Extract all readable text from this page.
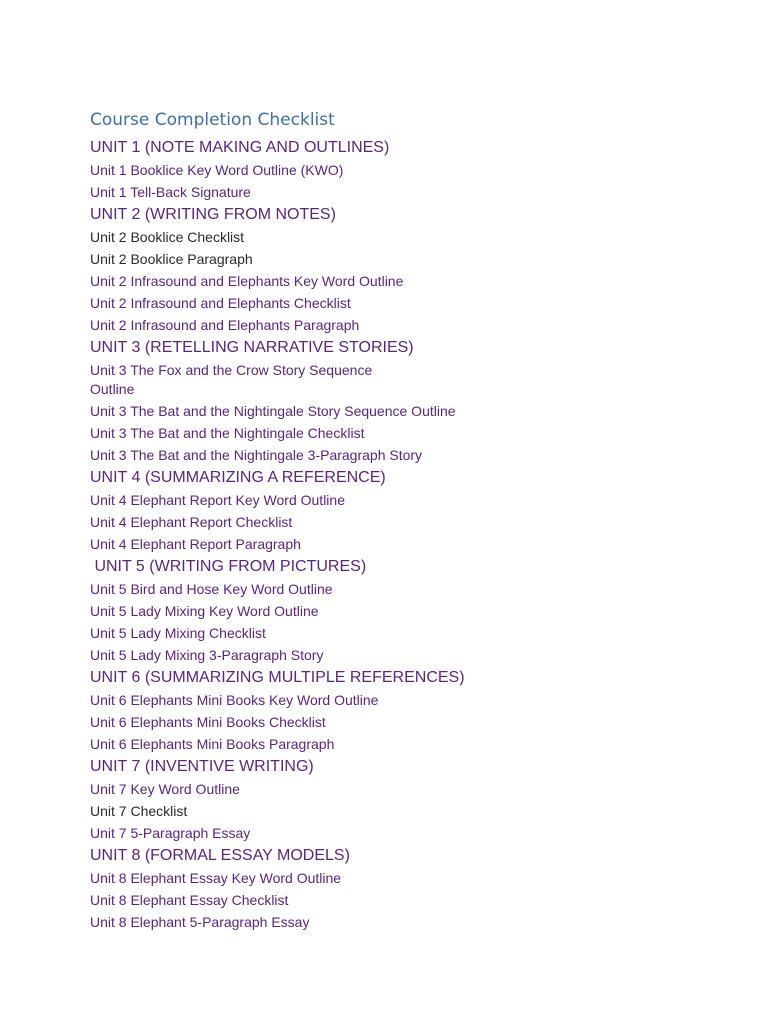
Course Completion Checklist
UNIT 1 (NOTE MAKING AND OUTLINES)
Unit 1 Booklice Key Word Outline (KWO)
Unit 1 Tell-Back Signature
UNIT 2 (WRITING FROM NOTES)
Unit 2 Booklice Checklist
Unit 2 Booklice Paragraph
Unit 2 Infrasound and Elephants Key Word Outline
Unit 2 Infrasound and Elephants Checklist
Unit 2 Infrasound and Elephants Paragraph
UNIT 3 (RETELLING NARRATIVE STORIES)
Unit 3 The Fox and the Crow Story Sequence
Outline
Unit 3 The Bat and the Nightingale Story Sequence Outline
Unit 3 The Bat and the Nightingale Checklist
Unit 3 The Bat and the Nightingale 3-Paragraph Story
UNIT 4 (SUMMARIZING A REFERENCE)
Unit 4 Elephant Report Key Word Outline
Unit 4 Elephant Report Checklist
Unit 4 Elephant Report Paragraph
UNIT 5 (WRITING FROM PICTURES)
Unit 5 Bird and Hose Key Word Outline
Unit 5 Lady Mixing Key Word Outline
Unit 5 Lady Mixing Checklist
Unit 5 Lady Mixing 3-Paragraph Story
UNIT 6 (SUMMARIZING MULTIPLE REFERENCES)
Unit 6 Elephants Mini Books Key Word Outline
Unit 6 Elephants Mini Books Checklist
Unit 6 Elephants Mini Books Paragraph
UNIT 7 (INVENTIVE WRITING)
Unit 7 Key Word Outline
Unit 7 Checklist
Unit 7 5-Paragraph Essay
UNIT 8 (FORMAL ESSAY MODELS)
Unit 8 Elephant Essay Key Word Outline
Unit 8 Elephant Essay Checklist
Unit 8 Elephant 5-Paragraph Essay
